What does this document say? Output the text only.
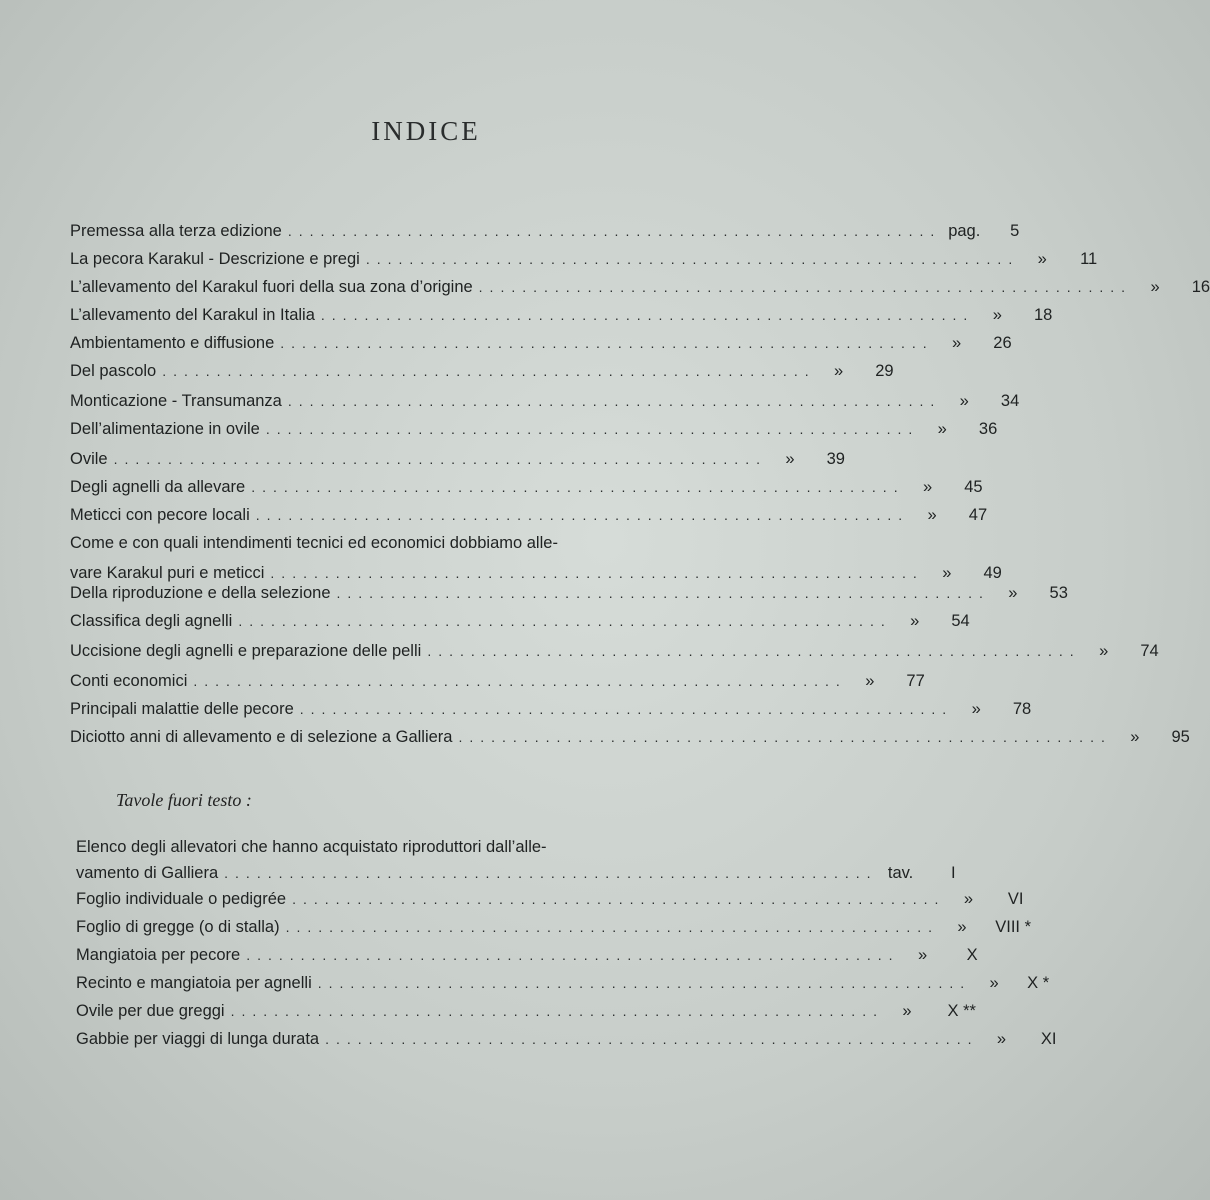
INDICE
Premessa alla terza edizione ............................................................ pag.	5
La pecora Karakul - Descrizione e pregi ............................................................	»	11
L’allevamento del Karakul fuori della sua zona d’origine ............................................................	»	16
L’allevamento del Karakul in Italia ............................................................	»	18
Ambientamento e diffusione ............................................................	»	26
Del pascolo ............................................................	»	29
Monticazione - Transumanza ............................................................	»	34
Dell’alimentazione in ovile ............................................................	»	36
Ovile ............................................................	»	39
Degli agnelli da allevare ............................................................	»	45
Meticci con pecore locali ............................................................	»	47
Come e con quali intendimenti tecnici ed economici dobbiamo alle-
vare Karakul puri e meticci ............................................................	»	49
Della riproduzione e della selezione ............................................................	»	53
Classifica degli agnelli ............................................................	»	54
Uccisione degli agnelli e preparazione delle pelli ............................................................	»	74
Conti economici ............................................................	»	77
Principali malattie delle pecore ............................................................	»	78
Diciotto anni di allevamento e di selezione a Galliera ............................................................	»	95
Tavole fuori testo :
Elenco degli allevatori che hanno acquistato riproduttori dall’alle-
vamento di Galliera ............................................................ tav.	I
Foglio individuale o pedigrée ............................................................	»	VI
Foglio di gregge (o di stalla) ............................................................	»	VIII *
Mangiatoia per pecore ............................................................	»	X
Recinto e mangiatoia per agnelli ............................................................	»	X *
Ovile per due greggi ............................................................	»	X **
Gabbie per viaggi di lunga durata ............................................................	»	XI
